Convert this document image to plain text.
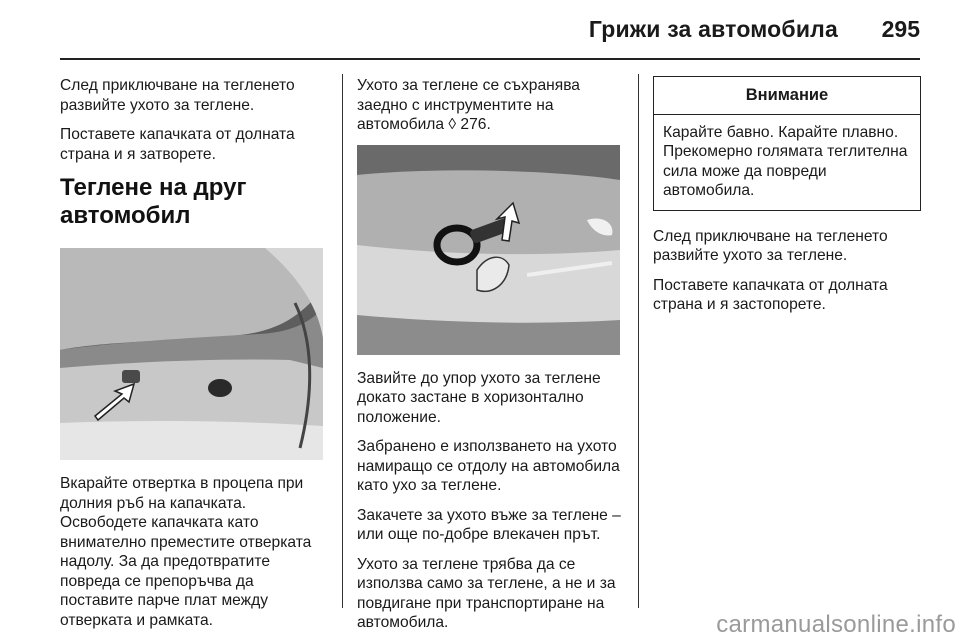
Грижи за автомобила 295

След приключване на тегленето развийте ухото за теглене.

Поставете капачката от долната страна и я затворете.

Теглене на друг автомобил

Вкарайте отвертка в процепа при долния ръб на капачката. Освободете капачката като внимателно преместите отверката надолу. За да предотвратите повреда се препоръчва да поставите парче плат между отверката и рамката.

Ухото за теглене се съхранява заедно с инструментите на автомобила ◊ 276.

Завийте до упор ухото за теглене докато застане в хоризонтално положение.

Забранено е използването на ухото намиращо се отдолу на автомобила като ухо за теглене.

Закачете за ухото въже за теглене – или още по-добре влекачен прът.

Ухото за теглене трябва да се използва само за теглене, а не и за повдигане при транспортиране на автомобила.

Внимание
Карайте бавно. Карайте плавно. Прекомерно голямата теглителна сила може да повреди автомобила.

След приключване на тегленето развийте ухото за теглене.

Поставете капачката от долната страна и я застопорете.

carmanualsonline.info
